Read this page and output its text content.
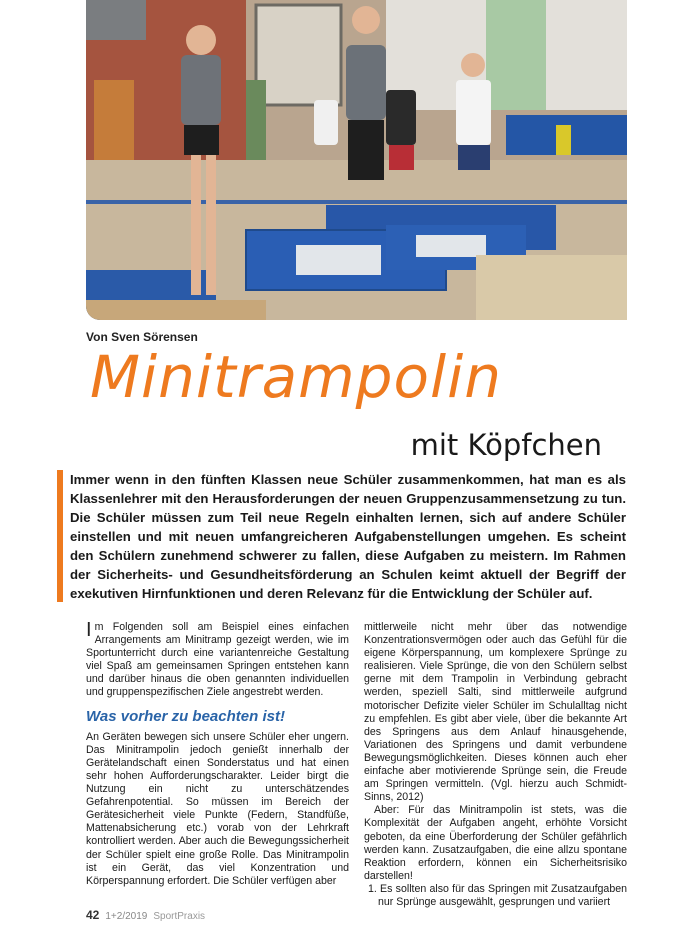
Von Sven Sörensen
Minitrampolin
mit Köpfchen

Immer wenn in den fünften Klassen neue Schüler zusammenkommen, hat man es als Klassenlehrer mit den Herausforderungen der neuen Gruppenzusammensetzung zu tun. Die Schüler müssen zum Teil neue Regeln einhalten lernen, sich auf andere Schüler einstellen und mit neuen umfangreicheren Aufgabenstellungen umgehen. Es scheint den Schülern zunehmend schwerer zu fallen, diese Aufgaben zu meistern. Im Rahmen der Sicherheits- und Gesundheitsförderung an Schulen keimt aktuell der Begriff der exekutiven Hirnfunktionen und deren Relevanz für die Entwicklung der Schüler auf.

Im Folgenden soll am Beispiel eines einfachen Arrangements am Minitramp gezeigt werden, wie im Sportunterricht durch eine variantenreiche Gestaltung viel Spaß am gemeinsamen Springen entstehen kann und darüber hinaus die oben genannten individuellen und gruppenspezifischen Ziele angestrebt werden.

Was vorher zu beachten ist!

An Geräten bewegen sich unsere Schüler eher ungern. Das Minitrampolin jedoch genießt innerhalb der Gerätelandschaft einen Sonderstatus und hat einen sehr hohen Aufforderungscharakter. Leider birgt die Nutzung ein nicht zu unterschätzendes Gefahrenpotential. So müssen im Bereich der Gerätesicherheit viele Punkte (Federn, Standfüße, Mattenabsicherung etc.) vorab von der Lehrkraft kontrolliert werden. Aber auch die Bewegungssicherheit der Schüler spielt eine große Rolle. Das Minitrampolin ist ein Gerät, das viel Konzentration und Körperspannung erfordert. Die Schüler verfügen aber

mittlerweile nicht mehr über das notwendige Konzentrationsvermögen oder auch das Gefühl für die eigene Körperspannung, um komplexere Sprünge zu realisieren. Viele Sprünge, die von den Schülern selbst gerne mit dem Trampolin in Verbindung gebracht werden, speziell Salti, sind mittlerweile aufgrund motorischer Defizite vieler Schüler im Schulalltag nicht zu empfehlen. Es gibt aber viele, über die bekannte Art des Springens aus dem Anlauf hinausgehende, Variationen des Springens und damit verbundene Bewegungsmöglichkeiten. Dieses können auch eher einfache aber motivierende Sprünge sein, die Freude am Springen vermitteln. (Vgl. hierzu auch Schmidt-Sinns, 2012)

Aber: Für das Minitrampolin ist stets, was die Komplexität der Aufgaben angeht, erhöhte Vorsicht geboten, da eine Überforderung der Schüler gefährlich werden kann. Zusatzaufgaben, die eine allzu spontane Reaktion erfordern, können ein Sicherheitsrisiko darstellen!

1. Es sollten also für das Springen mit Zusatzaufgaben nur Sprünge ausgewählt, gesprungen und variiert

42 1+2/2019 SportPraxis
